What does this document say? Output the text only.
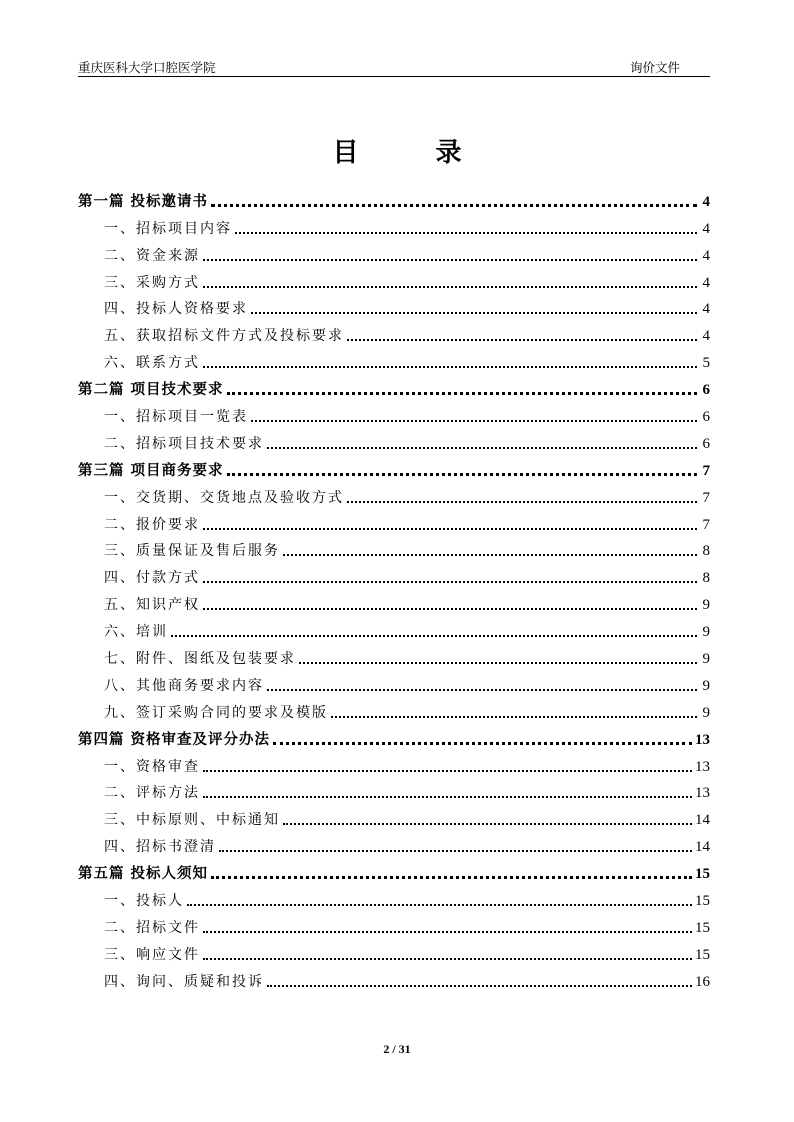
重庆医科大学口腔医学院	询价文件
目 录
第一篇 投标邀请书	4
一、招标项目内容	4
二、资金来源	4
三、采购方式	4
四、投标人资格要求	4
五、获取招标文件方式及投标要求	4
六、联系方式	5
第二篇 项目技术要求	6
一、招标项目一览表	6
二、招标项目技术要求	6
第三篇 项目商务要求	7
一、交货期、交货地点及验收方式	7
二、报价要求	7
三、质量保证及售后服务	8
四、付款方式	8
五、知识产权	9
六、培训	9
七、附件、图纸及包装要求	9
八、其他商务要求内容	9
九、签订采购合同的要求及模版	9
第四篇 资格审查及评分办法	13
一、资格审查	13
二、评标方法	13
三、中标原则、中标通知	14
四、招标书澄清	14
第五篇 投标人须知	15
一、投标人	15
二、招标文件	15
三、响应文件	15
四、询问、质疑和投诉	16
2 / 31
